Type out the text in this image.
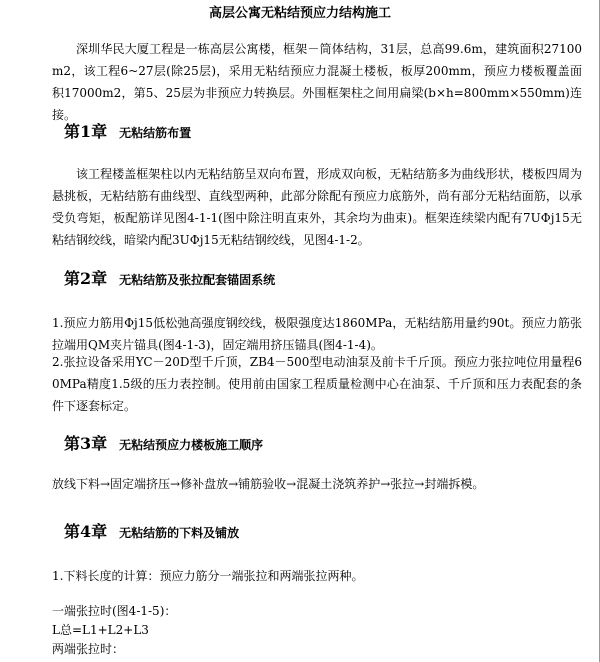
高层公寓无粘结预应力结构施工

深圳华民大厦工程是一栋高层公寓楼，框架－筒体结构，31层，总高99.6m，建筑面积27100m2，该工程6~27层(除25层)，采用无粘结预应力混凝土楼板，板厚200mm，预应力楼板覆盖面积17000m2，第5、25层为非预应力转换层。外围框架柱之间用扁梁(b×h=800mm×550mm)连接。

第1章 无粘结筋布置

该工程楼盖框架柱以内无粘结筋呈双向布置，形成双向板，无粘结筋多为曲线形状，楼板四周为悬挑板，无粘结筋有曲线型、直线型两种，此部分除配有预应力底筋外，尚有部分无粘结面筋，以承受负弯矩，板配筋详见图4-1-1(图中除注明直束外，其余均为曲束)。框架连续梁内配有7UФj15无粘结钢绞线，暗梁内配3UФj15无粘结钢绞线，见图4-1-2。

第2章 无粘结筋及张拉配套锚固系统

1.预应力筋用Фj15低松弛高强度钢绞线，极限强度达1860MPa，无粘结筋用量约90t。预应力筋张拉端用QM夹片锚具(图4-1-3)，固定端用挤压锚具(图4-1-4)。

2.张拉设备采用YC－20D型千斤顶，ZB4－500型电动油泵及前卡千斤顶。预应力张拉吨位用量程60MPa精度1.5级的压力表控制。使用前由国家工程质量检测中心在油泵、千斤顶和压力表配套的条件下逐套标定。

第3章 无粘结预应力楼板施工顺序

放线下料→固定端挤压→修补盘放→铺筋验收→混凝土浇筑养护→张拉→封端拆模。

第4章 无粘结筋的下料及铺放

1.下料长度的计算：预应力筋分一端张拉和两端张拉两种。

一端张拉时(图4-1-5)：

L总=L1+L2+L3

两端张拉时：
